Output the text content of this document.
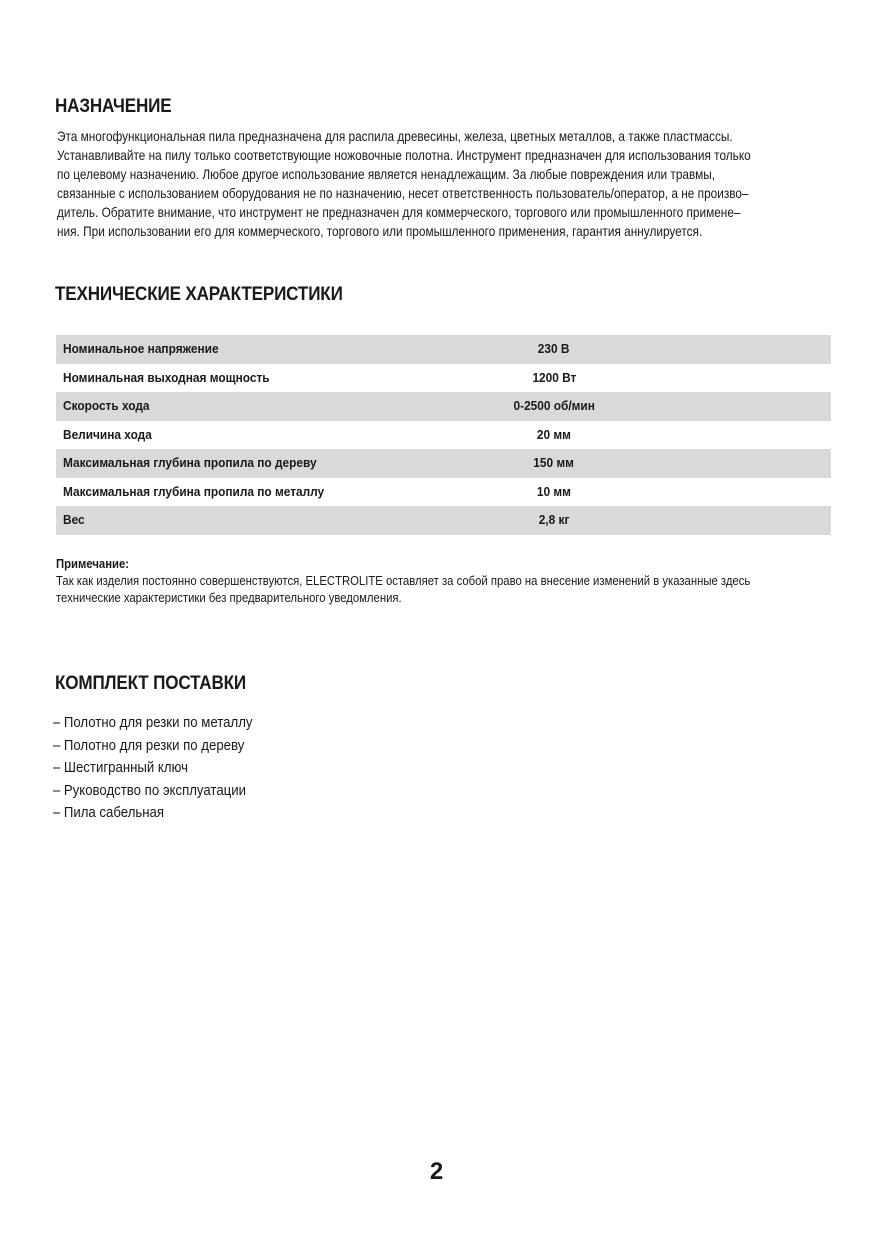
НАЗНАЧЕНИЕ
Эта многофункциональная пила предназначена для распила древесины, железа, цветных металлов, а также пластмассы.
Устанавливайте на пилу только соответствующие ножовочные полотна. Инструмент предназначен для использования только
по целевому назначению. Любое другое использование является ненадлежащим. За любые повреждения или травмы,
связанные с использованием оборудования не по назначению, несет ответственность пользователь/оператор, а не произво–
дитель. Обратите внимание, что инструмент не предназначен для коммерческого, торгового или промышленного примене–
ния. При использовании его для коммерческого, торгового или промышленного применения, гарантия аннулируется.
ТЕХНИЧЕСКИЕ ХАРАКТЕРИСТИКИ
Номинальное напряжение	230 В
Номинальная выходная мощность	1200 Вт
Скорость хода	0-2500 об/мин
Величина хода	20 мм
Максимальная глубина пропила по дереву	150 мм
Максимальная глубина пропила по металлу	10 мм
Вес	2,8 кг
Примечание:
Так как изделия постоянно совершенствуются, ELECTROLITE оставляет за собой право на внесение изменений в указанные здесь
технические характеристики без предварительного уведомления.
КОМПЛЕКТ ПОСТАВКИ
– Полотно для резки по металлу
– Полотно для резки по дереву
– Шестигранный ключ
– Руководство по эксплуатации
– Пила сабельная
2
